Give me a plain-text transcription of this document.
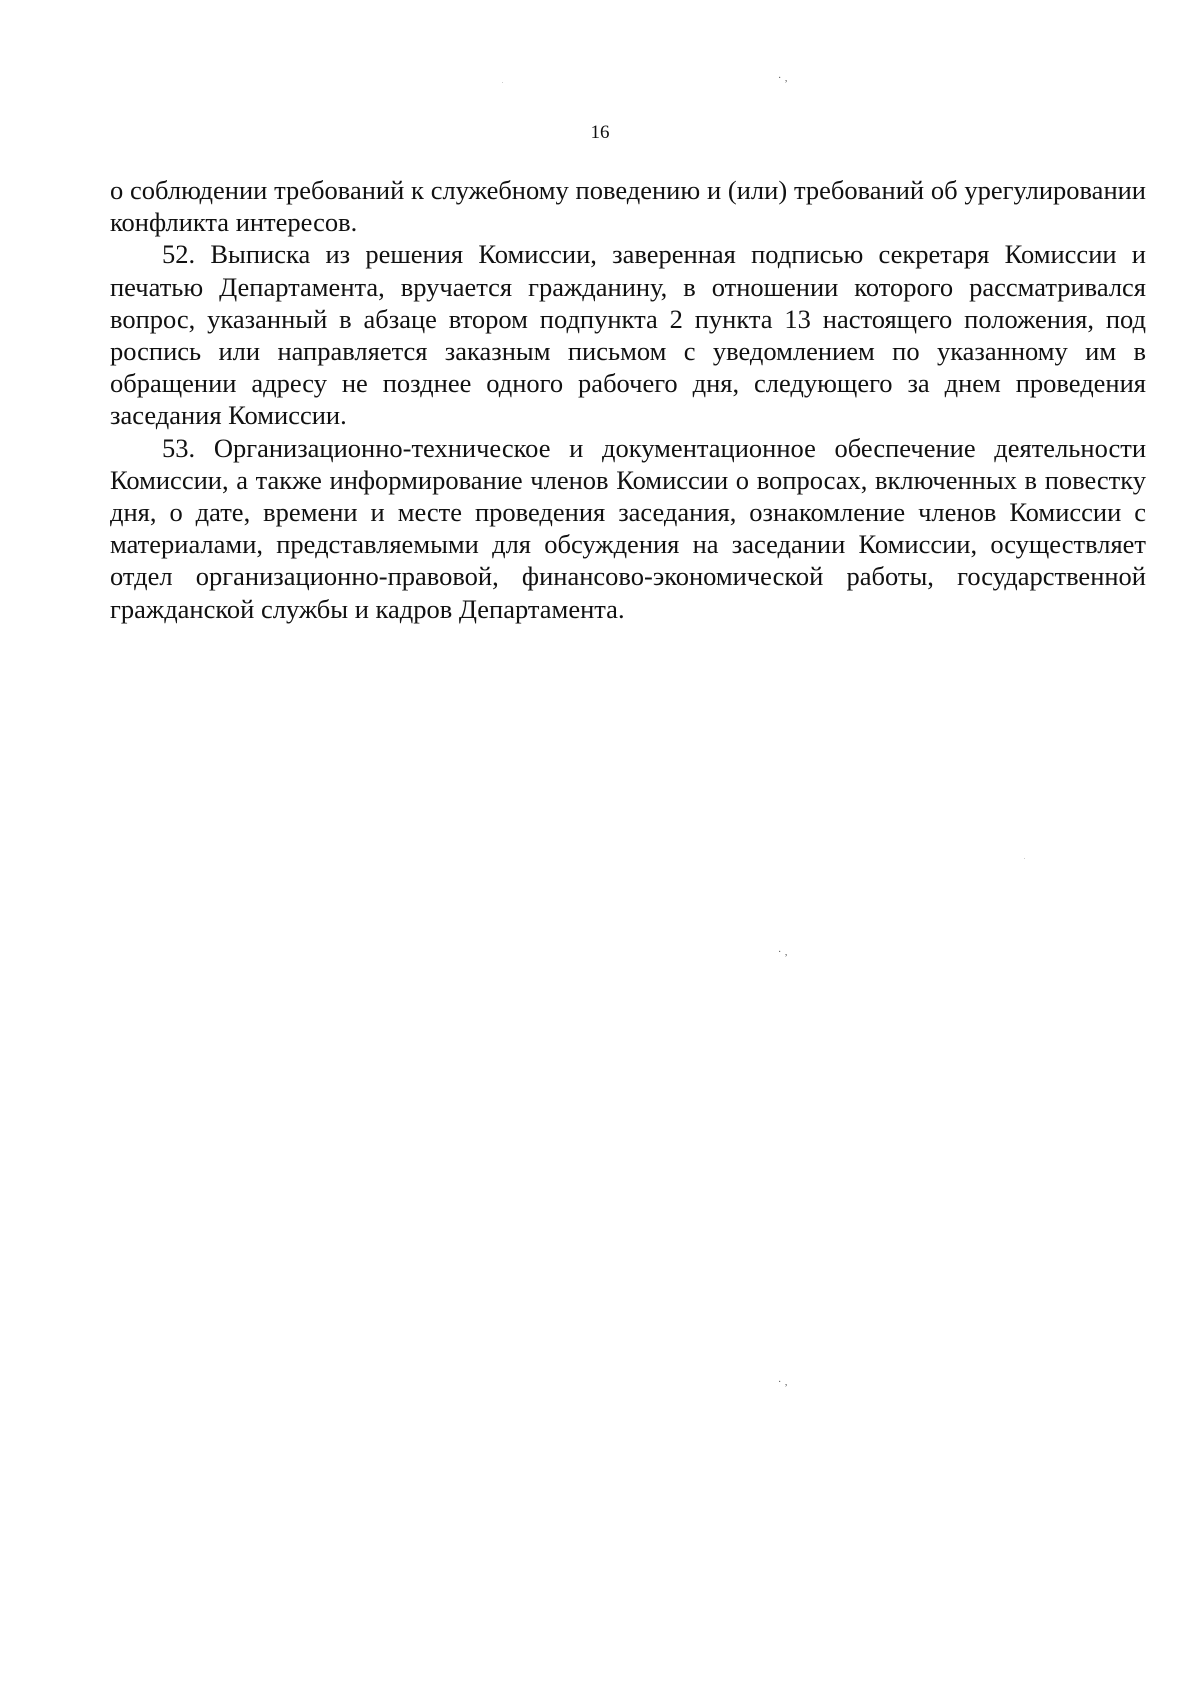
·‚
16

о соблюдении требований к служебному поведению и (или) требований об урегулировании конфликта интересов.

52. Выписка из решения Комиссии, заверенная подписью секретаря Комиссии и печатью Департамента, вручается гражданину, в отношении которого рассматривался вопрос, указанный в абзаце втором подпункта 2 пункта 13 настоящего положения, под роспись или направляется заказным письмом с уведомлением по указанному им в обращении адресу не позднее одного рабочего дня, следующего за днем проведения заседания Комиссии.

53. Организационно-техническое и документационное обеспечение деятельности Комиссии, а также информирование членов Комиссии о вопросах, включенных в повестку дня, о дате, времени и месте проведения заседания, ознакомление членов Комиссии с материалами, представляемыми для обсуждения на заседании Комиссии, осуществляет отдел организационно-правовой, финансово-экономической работы, государственной гражданской службы и кадров Департамента.

·‚
·‚
